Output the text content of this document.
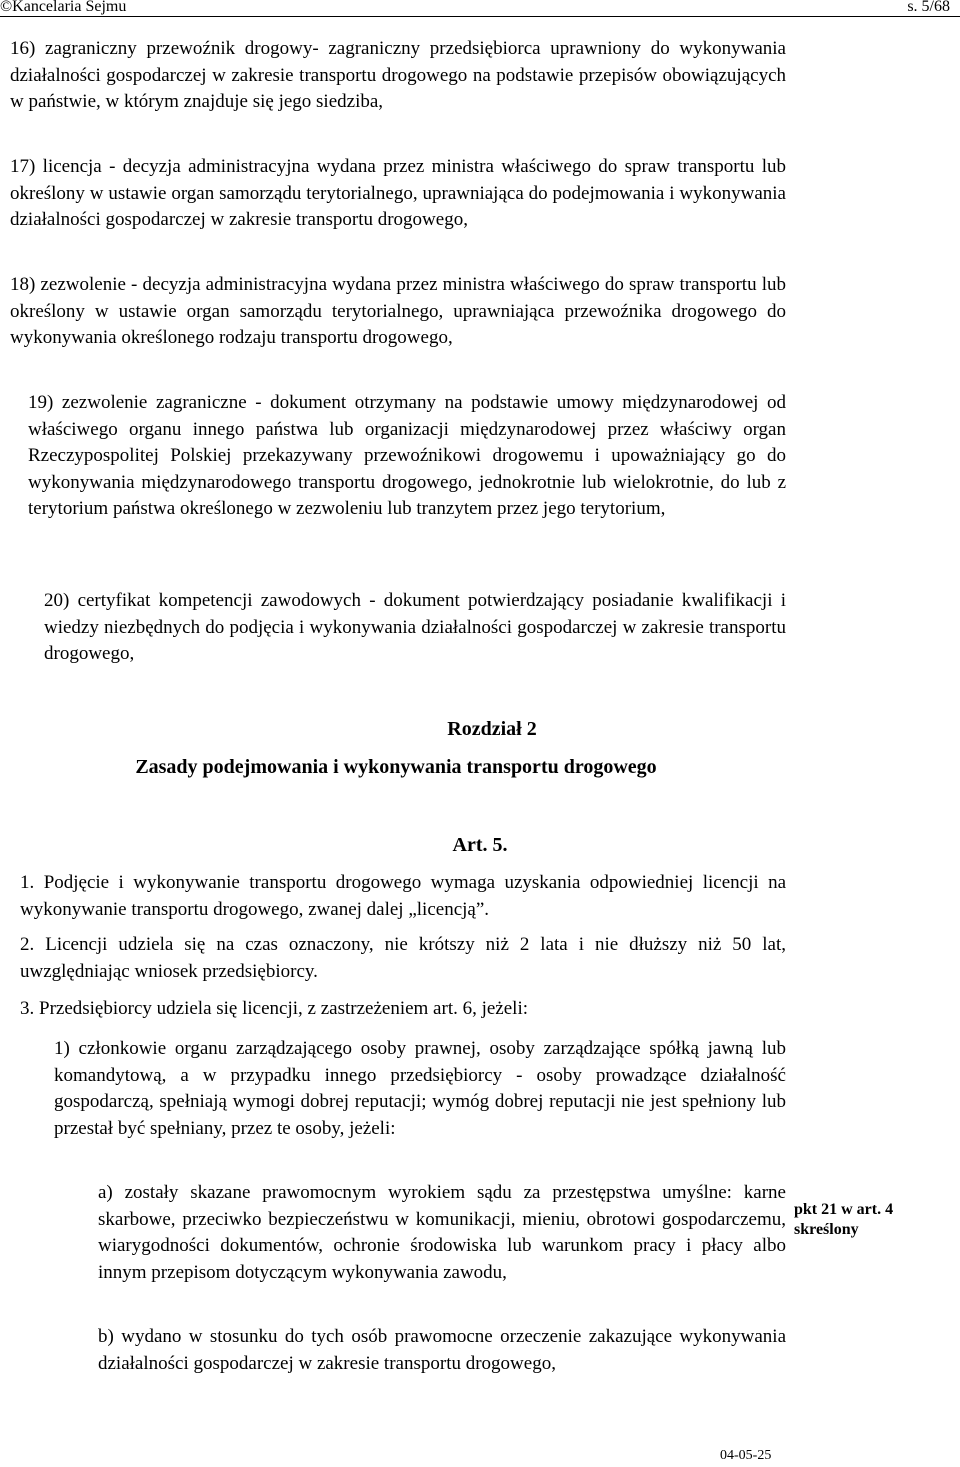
©Kancelaria Sejmu	s. 5/68
16) zagraniczny przewoźnik drogowy- zagraniczny przedsiębiorca uprawniony do wykonywania działalności gospodarczej w zakresie transportu drogowego na podstawie przepisów obowiązujących w państwie, w którym znajduje się jego siedziba,
17) licencja - decyzja administracyjna wydana przez ministra właściwego do spraw transportu lub określony w ustawie organ samorządu terytorialnego, uprawniająca do podejmowania i wykonywania działalności gospodarczej w zakresie transportu drogowego,
18) zezwolenie - decyzja administracyjna wydana przez ministra właściwego do spraw transportu lub określony w ustawie organ samorządu terytorialnego, uprawniająca przewoźnika drogowego do wykonywania określonego rodzaju transportu drogowego,
19) zezwolenie zagraniczne - dokument otrzymany na podstawie umowy międzynarodowej od właściwego organu innego państwa lub organizacji międzynarodowej przez właściwy organ Rzeczypospolitej Polskiej przekazywany przewoźnikowi drogowemu i upoważniający go do wykonywania międzynarodowego transportu drogowego, jednokrotnie lub wielokrotnie, do lub z terytorium państwa określonego w zezwoleniu lub tranzytem przez jego terytorium,
20) certyfikat kompetencji zawodowych - dokument potwierdzający posiadanie kwalifikacji i wiedzy niezbędnych do podjęcia i wykonywania działalności gospodarczej w zakresie transportu drogowego,
Rozdział 2
Zasady podejmowania i wykonywania transportu drogowego
Art. 5.
1. Podjęcie i wykonywanie transportu drogowego wymaga uzyskania odpowiedniej licencji na wykonywanie transportu drogowego, zwanej dalej „licencją”.
2. Licencji udziela się na czas oznaczony, nie krótszy niż 2 lata i nie dłuższy niż 50 lat, uwzględniając wniosek przedsiębiorcy.
3. Przedsiębiorcy udziela się licencji, z zastrzeżeniem art. 6, jeżeli:
1) członkowie organu zarządzającego osoby prawnej, osoby zarządzające spółką jawną lub komandytową, a w przypadku innego przedsiębiorcy - osoby prowadzące działalność gospodarczą, spełniają wymogi dobrej reputacji; wymóg dobrej reputacji nie jest spełniony lub przestał być spełniany, przez te osoby, jeżeli:
a) zostały skazane prawomocnym wyrokiem sądu za przestępstwa umyślne: karne skarbowe, przeciwko bezpieczeństwu w komunikacji, mieniu, obrotowi gospodarczemu, wiarygodności dokumentów, ochronie środowiska lub warunkom pracy i płacy albo innym przepisom dotyczącym wykonywania zawodu,
b) wydano w stosunku do tych osób prawomocne orzeczenie zakazujące wykonywania działalności gospodarczej w zakresie transportu drogowego,
pkt 21 w art. 4 skreślony
04-05-25
